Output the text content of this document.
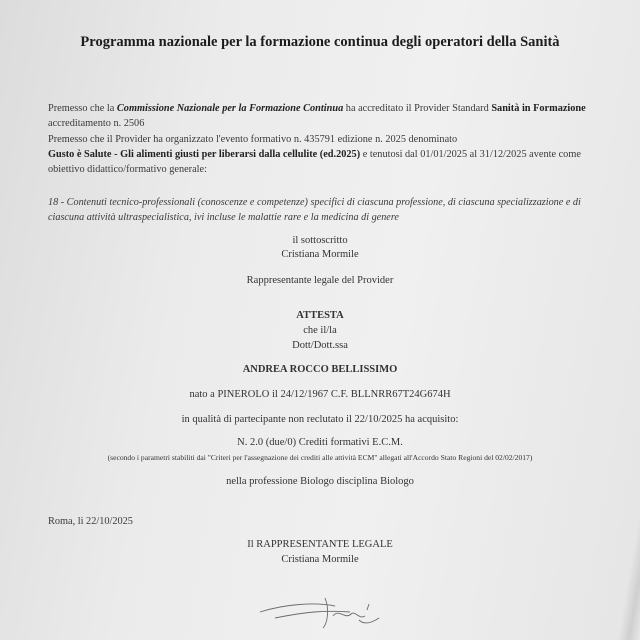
Programma nazionale per la formazione continua degli operatori della Sanità
Premesso che la Commissione Nazionale per la Formazione Continua ha accreditato il Provider Standard Sanità in Formazione accreditamento n. 2506
Premesso che il Provider ha organizzato l'evento formativo n. 435791 edizione n. 2025 denominato
Gusto è Salute - Gli alimenti giusti per liberarsi dalla cellulite (ed.2025) e tenutosi dal 01/01/2025 al 31/12/2025 avente come obiettivo didattico/formativo generale:
18 - Contenuti tecnico-professionali (conoscenze e competenze) specifici di ciascuna professione, di ciascuna specializzazione e di ciascuna attività ultraspecialistica, ivi incluse le malattie rare e la medicina di genere
il sottoscritto
Cristiana Mormile
Rappresentante legale del Provider
ATTESTA
che il/la
Dott/Dott.ssa
ANDREA ROCCO BELLISSIMO
nato a PINEROLO il 24/12/1967 C.F. BLLNRR67T24G674H
in qualità di partecipante non reclutato il 22/10/2025 ha acquisito:
N. 2.0 (due/0) Crediti formativi E.C.M.
(secondo i parametri stabiliti dai "Criteri per l'assegnazione dei crediti alle attività ECM" allegati all'Accordo Stato Regioni del 02/02/2017)
nella professione Biologo disciplina Biologo
Roma, li 22/10/2025
Il RAPPRESENTANTE LEGALE
Cristiana Mormile
